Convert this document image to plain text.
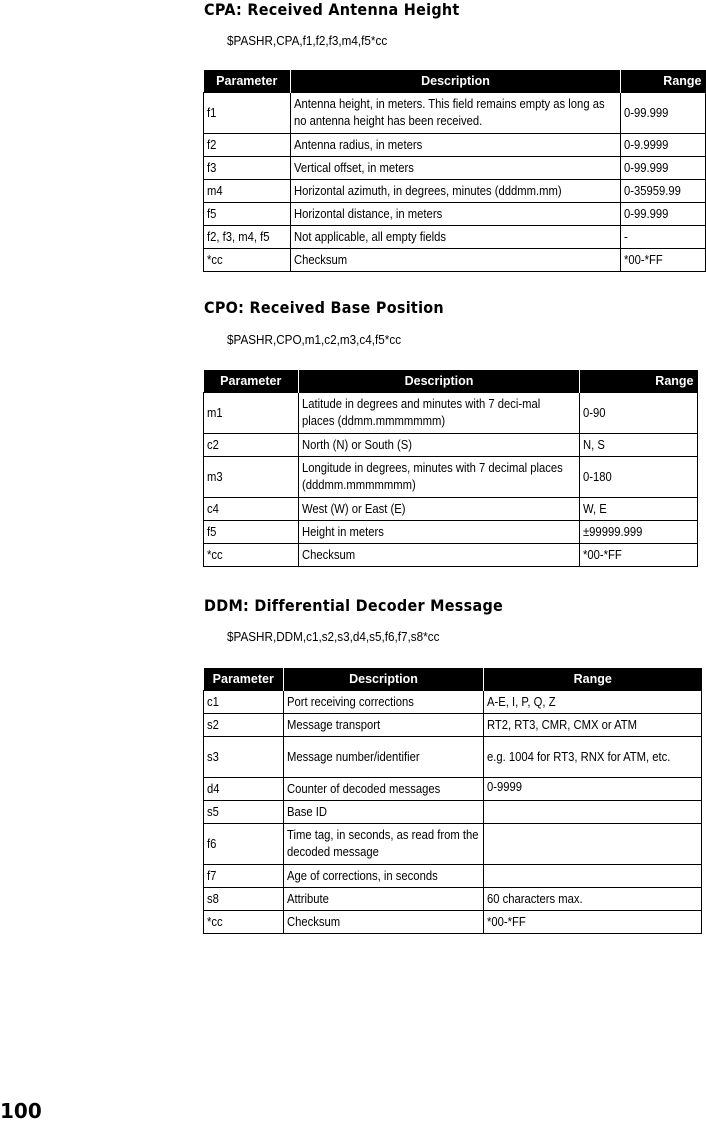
CPA: Received Antenna Height
$PASHR,CPA,f1,f2,f3,m4,f5*cc
Parameter	Description	Range
f1	Antenna height, in meters. This field remains empty as long as no antenna height has been received.	0-99.999
f2	Antenna radius, in meters	0-9.9999
f3	Vertical offset, in meters	0-99.999
m4	Horizontal azimuth, in degrees, minutes (dddmm.mm)	0-35959.99
f5	Horizontal distance, in meters	0-99.999
f2, f3, m4, f5	Not applicable, all empty fields	-
*cc	Checksum	*00-*FF
CPO: Received Base Position
$PASHR,CPO,m1,c2,m3,c4,f5*cc
Parameter	Description	Range
m1	Latitude in degrees and minutes with 7 deci-mal places (ddmm.mmmmmmm)	0-90
c2	North (N) or South (S)	N, S
m3	Longitude in degrees, minutes with 7 decimal places (dddmm.mmmmmmm)	0-180
c4	West (W) or East (E)	W, E
f5	Height in meters	±99999.999
*cc	Checksum	*00-*FF
DDM: Differential Decoder Message
$PASHR,DDM,c1,s2,s3,d4,s5,f6,f7,s8*cc
Parameter	Description	Range
c1	Port receiving corrections	A-E, I, P, Q, Z
s2	Message transport	RT2, RT3, CMR, CMX or ATM
s3	Message number/identifier	e.g. 1004 for RT3, RNX for ATM, etc.

d4	Counter of decoded messages	0-9999
s5	Base ID	
f6	Time tag, in seconds, as read from the decoded message	

f7	Age of corrections, in seconds	
s8	Attribute	60 characters max.
*cc	Checksum	*00-*FF
100
